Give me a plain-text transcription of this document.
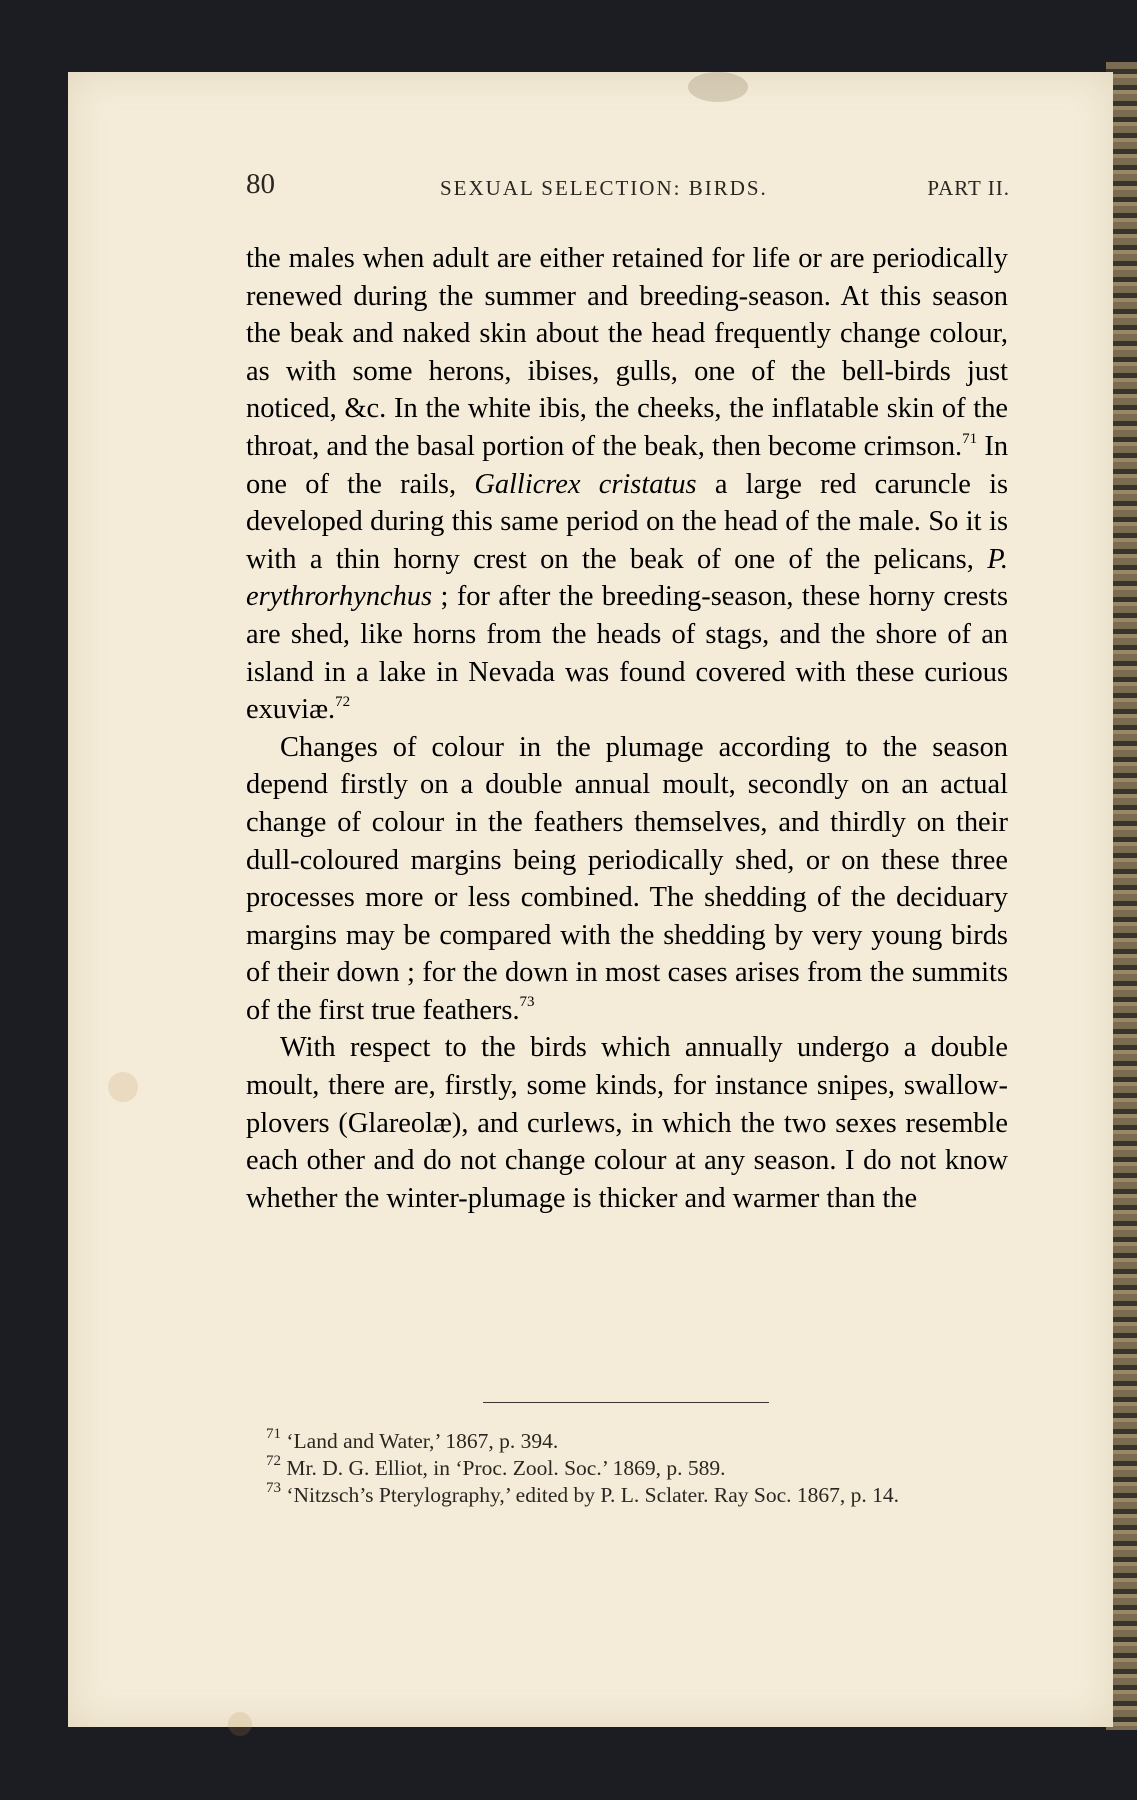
80	SEXUAL SELECTION: BIRDS.	PART II.

the males when adult are either retained for life or are periodically renewed during the summer and breeding-season. At this season the beak and naked skin about the head frequently change colour, as with some herons, ibises, gulls, one of the bell-birds just noticed, &c. In the white ibis, the cheeks, the inflatable skin of the throat, and the basal portion of the beak, then become crimson.$^{71}$ In one of the rails, Gallicrex cristatus a large red caruncle is developed during this same period on the head of the male. So it is with a thin horny crest on the beak of one of the pelicans, P. erythrorhynchus ; for after the breeding-season, these horny crests are shed, like horns from the heads of stags, and the shore of an island in a lake in Nevada was found covered with these curious exuviæ.$^{72}$

Changes of colour in the plumage according to the season depend firstly on a double annual moult, secondly on an actual change of colour in the feathers themselves, and thirdly on their dull-coloured margins being periodically shed, or on these three processes more or less combined. The shedding of the deciduary margins may be compared with the shedding by very young birds of their down ; for the down in most cases arises from the summits of the first true feathers.$^{73}$

With respect to the birds which annually undergo a double moult, there are, firstly, some kinds, for instance snipes, swallow-plovers (Glareolæ), and curlews, in which the two sexes resemble each other and do not change colour at any season. I do not know whether the winter-plumage is thicker and warmer than the

$^{71}$ ‘Land and Water,’ 1867, p. 394.

$^{72}$ Mr. D. G. Elliot, in ‘Proc. Zool. Soc.’ 1869, p. 589.

$^{73}$ ‘Nitzsch’s Pterylography,’ edited by P. L. Sclater. Ray Soc. 1867, p. 14.
